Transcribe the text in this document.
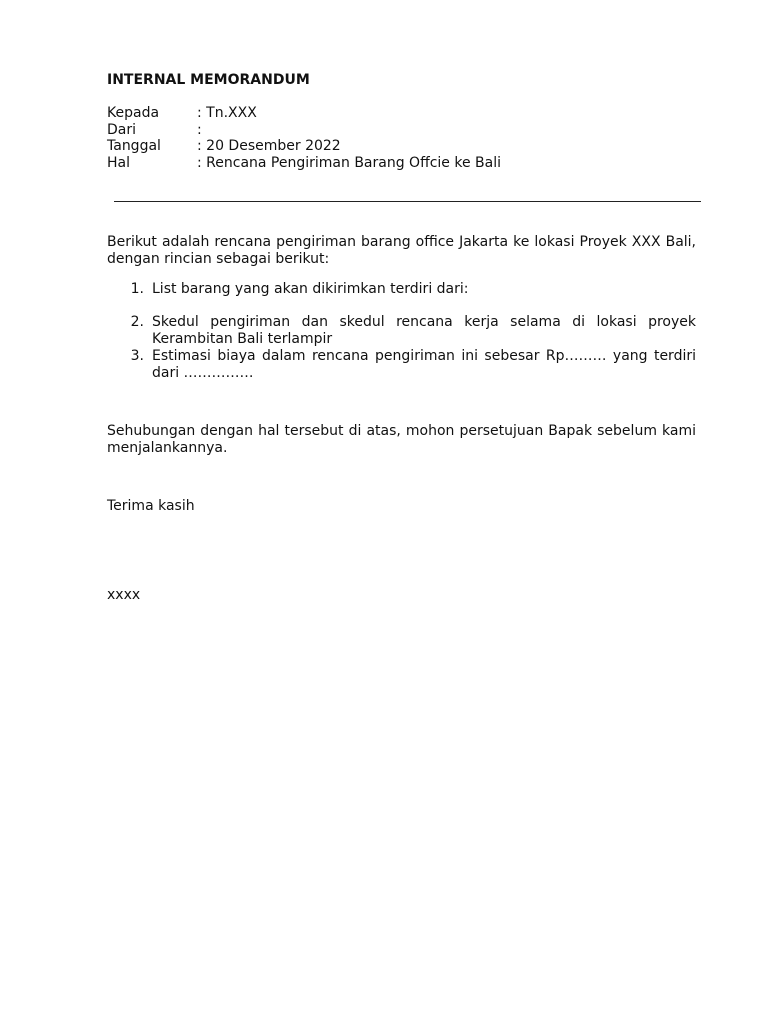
INTERNAL MEMORANDUM
Kepada	: Tn.XXX
Dari	:
Tanggal	: 20 Desember 2022
Hal	: Rencana Pengiriman Barang Offcie ke Bali

Berikut adalah rencana pengiriman barang office Jakarta ke lokasi Proyek XXX Bali, dengan rincian sebagai berikut:

1. List barang yang akan dikirimkan terdiri dari:
2. Skedul pengiriman dan skedul rencana kerja selama di lokasi proyek Kerambitan Bali terlampir
3. Estimasi biaya dalam rencana pengiriman ini sebesar Rp……… yang terdiri dari ……………

Sehubungan dengan hal tersebut di atas, mohon persetujuan Bapak sebelum kami menjalankannya.

Terima kasih
xxxx
